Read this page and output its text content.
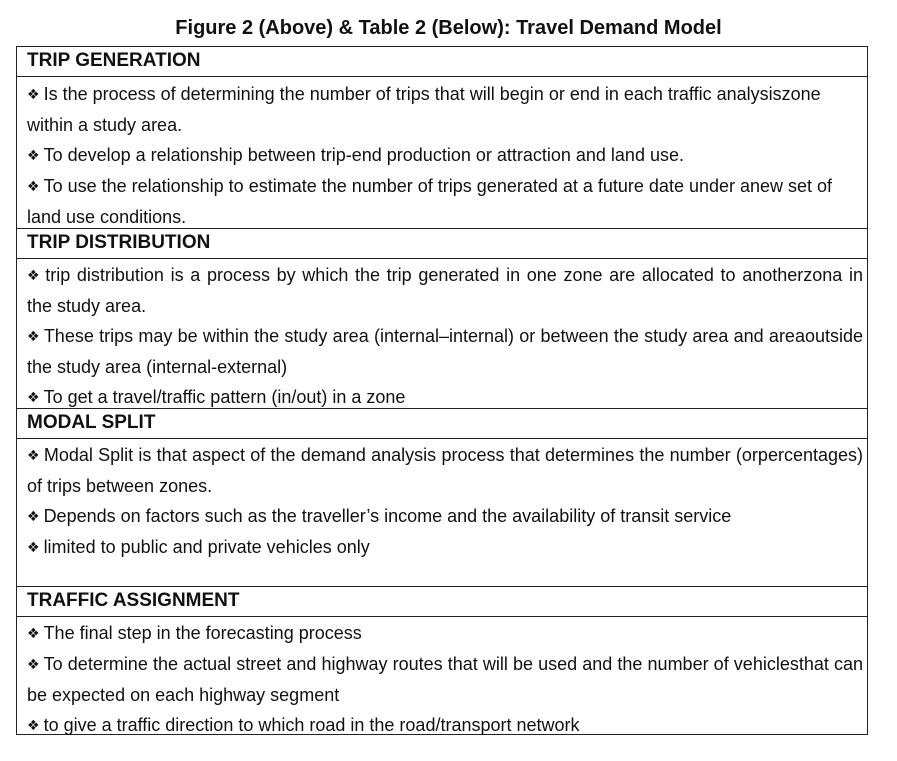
Figure 2 (Above) & Table 2 (Below): Travel Demand Model
TRIP GENERATION
❖ Is the process of determining the number of trips that will begin or end in each traffic analysiszone within a study area.
❖ To develop a relationship between trip-end production or attraction and land use.
❖ To use the relationship to estimate the number of trips generated at a future date under anew set of land use conditions.
TRIP DISTRIBUTION
❖ trip distribution is a process by which the trip generated in one zone are allocated to anotherzona in the study area.
❖ These trips may be within the study area (internal–internal) or between the study area and areaoutside the study area (internal-external)
❖ To get a travel/traffic pattern (in/out) in a zone
MODAL SPLIT
❖ Modal Split is that aspect of the demand analysis process that determines the number (orpercentages) of trips between zones.
❖ Depends on factors such as the traveller’s income and the availability of transit service
❖ limited to public and private vehicles only
TRAFFIC ASSIGNMENT
❖ The final step in the forecasting process
❖ To determine the actual street and highway routes that will be used and the number of vehiclesthat can be expected on each highway segment
❖ to give a traffic direction to which road in the road/transport network
